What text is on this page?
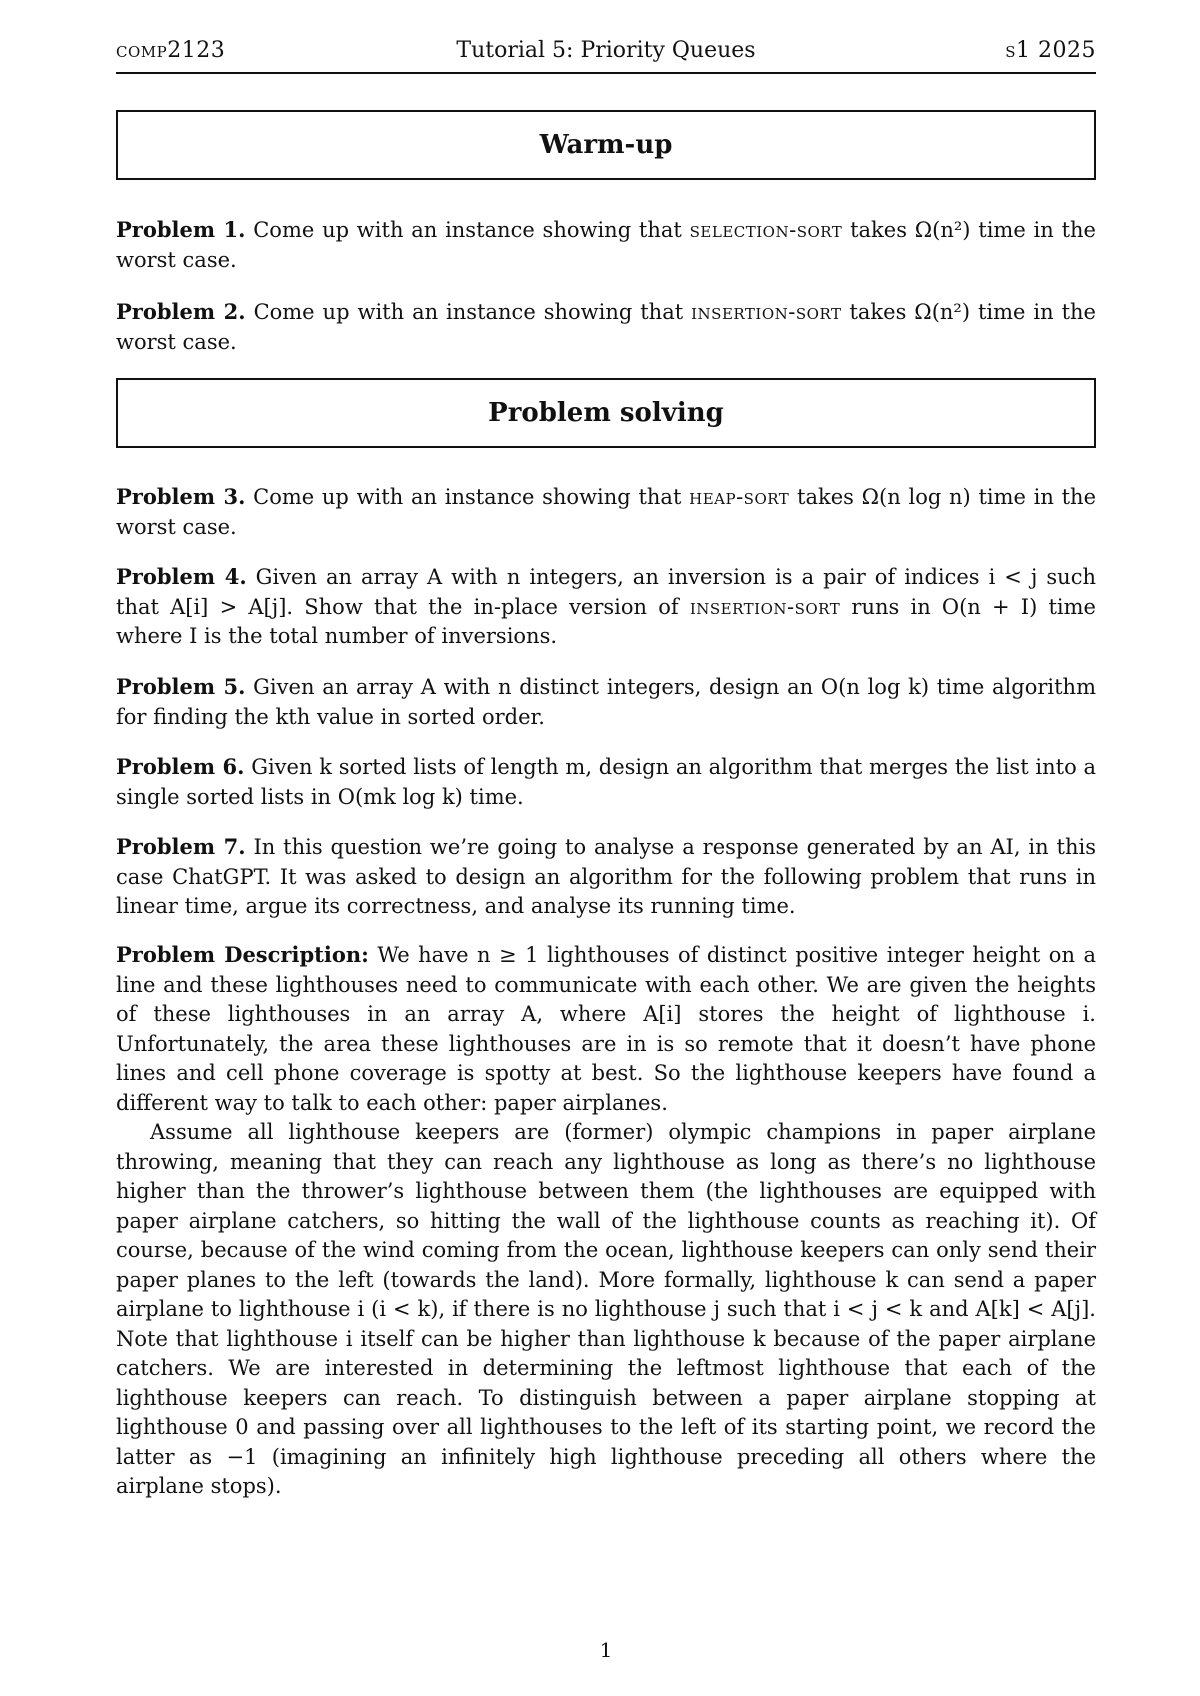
comp2123	Tutorial 5: Priority Queues	s1 2025
Warm-up

Problem 1. Come up with an instance showing that selection-sort takes Ω(n²) time in the worst case.

Problem 2. Come up with an instance showing that insertion-sort takes Ω(n²) time in the worst case.

Problem solving

Problem 3. Come up with an instance showing that heap-sort takes Ω(n log n) time in the worst case.

Problem 4. Given an array A with n integers, an inversion is a pair of indices i < j such that A[i] > A[j]. Show that the in-place version of insertion-sort runs in O(n + I) time where I is the total number of inversions.

Problem 5. Given an array A with n distinct integers, design an O(n log k) time algorithm for finding the kth value in sorted order.

Problem 6. Given k sorted lists of length m, design an algorithm that merges the list into a single sorted lists in O(mk log k) time.

Problem 7. In this question we’re going to analyse a response generated by an AI, in this case ChatGPT. It was asked to design an algorithm for the following problem that runs in linear time, argue its correctness, and analyse its running time.

Problem Description: We have n ≥ 1 lighthouses of distinct positive integer height on a line and these lighthouses need to communicate with each other. We are given the heights of these lighthouses in an array A, where A[i] stores the height of lighthouse i. Unfortunately, the area these lighthouses are in is so remote that it doesn’t have phone lines and cell phone coverage is spotty at best. So the lighthouse keepers have found a different way to talk to each other: paper airplanes.

Assume all lighthouse keepers are (former) olympic champions in paper airplane throwing, meaning that they can reach any lighthouse as long as there’s no lighthouse higher than the thrower’s lighthouse between them (the lighthouses are equipped with paper airplane catchers, so hitting the wall of the lighthouse counts as reaching it). Of course, because of the wind coming from the ocean, lighthouse keepers can only send their paper planes to the left (towards the land). More formally, lighthouse k can send a paper airplane to lighthouse i (i < k), if there is no lighthouse j such that i < j < k and A[k] < A[j]. Note that lighthouse i itself can be higher than lighthouse k because of the paper airplane catchers. We are interested in determining the leftmost lighthouse that each of the lighthouse keepers can reach. To distinguish between a paper airplane stopping at lighthouse 0 and passing over all lighthouses to the left of its starting point, we record the latter as −1 (imagining an infinitely high lighthouse preceding all others where the airplane stops).

1
